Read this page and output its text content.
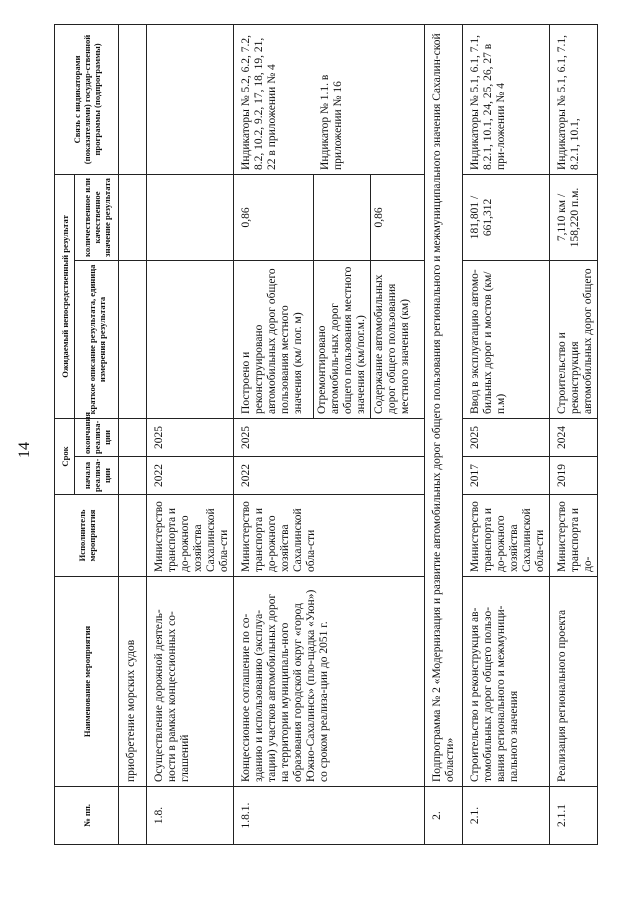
14
№ пп.	Наименование мероприятия	Исполнитель мероприятия	Срок		Ожидаемый непосредственный результат		Связь с индикаторами (показателями) государ-ственной программы (подпрограммы)
			начала реализа-ции	окончания реализа-ции	краткое описание результата, единица измерения результата	количественное или качественное значение результата	
	приобретение морских судов						
1.8.	Осуществление дорожной деятель-ности в рамках концессионных со-глашений	Министерство транспорта и до-рожного хозяйства Сахалинской обла-сти	2022	2025			
1.8.1.	Концессионное соглашение по со-зданию и использованию (эксплуа-тации) участков автомобильных дорог на территории муниципаль-ного образования городской округ «город Южно-Сахалинск» (пло-щадка «Уюн») со сроком реализа-ции до 2051 г.	Министерство транспорта и до-рожного хозяйства Сахалинской обла-сти	2022	2025	Построено и реконструировано автомобильных дорог общего пользования местного значения (км/ пог. м)	0,86	Индикаторы № 5.2, 6.2, 7.2, 8.2, 10.2, 9.2, 17, 18, 19, 21, 22 в приложении № 4 Индикатор № 1.1. в приложении № 16

					Отремонтировано автомобиль-ных дорог общего пользования местного значения (км/пог.м.)		
					Содержание автомобильных дорог общего пользования местного значения (км)	0,86	
2.	Подпрограмма № 2 «Модернизация и развитие автомобильных дорог общего пользования регионального и межмуниципального значения Сахалин-ской области»						
2.1.	Строительство и реконструкция ав-томобильных дорог общего пользо-вания регионального и межмуници-пального значения	Министерство транспорта и до-рожного хозяйства Сахалинской обла-сти	2017	2025	Ввод в эксплуатацию автомо-бильных дорог и мостов (км/п.м)	181,801 / 661,312	Индикаторы № 5.1, 6.1, 7.1, 8.2.1, 10.1, 24, 25, 26, 27 в при-ложении № 4
2.1.1	Реализация регионального проекта	Министерство транспорта и до-	2019	2024	Строительство и реконструкция автомобильных дорог общего	7,110 км / 158,220 п.м.	Индикаторы № 5.1, 6.1, 7.1, 8.2.1, 10.1,
